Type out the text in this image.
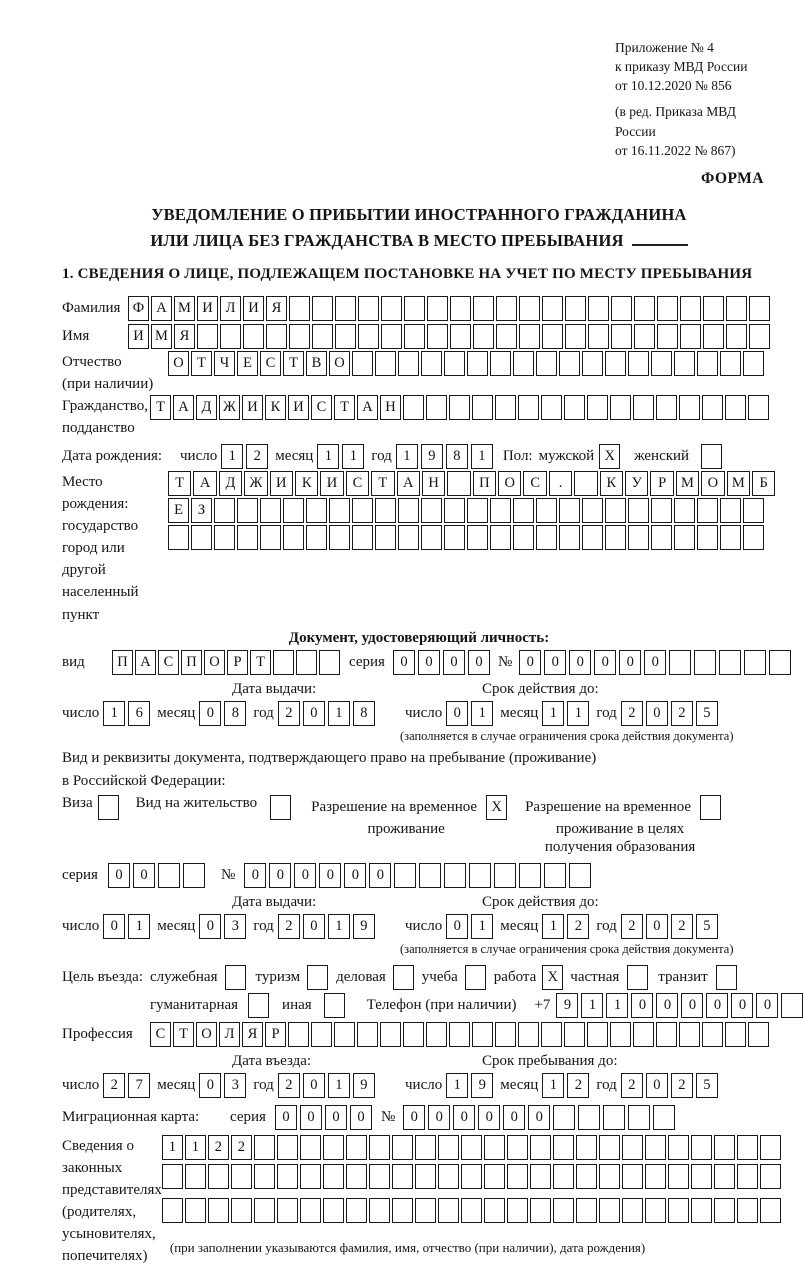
Приложение № 4
к приказу МВД России
от 10.12.2020 № 856
(в ред. Приказа МВД России
от 16.11.2022 № 867)
ФОРМА
УВЕДОМЛЕНИЕ О ПРИБЫТИИ ИНОСТРАННОГО ГРАЖДАНИНА
ИЛИ ЛИЦА БЕЗ ГРАЖДАНСТВА В МЕСТО ПРЕБЫВАНИЯ
1. СВЕДЕНИЯ О ЛИЦЕ, ПОДЛЕЖАЩЕМ ПОСТАНОВКЕ НА УЧЕТ ПО МЕСТУ ПРЕБЫВАНИЯ
Фамилия Ф А М И Л И Я
Имя	И М Я
Отчество
(при наличии)
О Т Ч Е С Т В О
Гражданство,
подданство
Т А Д Ж И К И С Т А Н
Дата рождения:	число 1	2 месяц 1	1 год 1	9	8	1	Пол: мужской X	женский
Место рождения:
государство
город или другой
населенный пункт
Т	А	Д Ж И	К	И	С	Т	А	Н	П	О	С	.	К	У	Р	М О М	Б

Е	З

Документ, удостоверяющий личность:
вид	П А С П О Р	Т	серия	0	0	0	0	№ 0	0	0	0	0	0
Дата выдачи:	Срок действия до:
число 1	6 месяц 0	8 год 2	0	1	8	число 0	1 месяц 1	1 год 2	0	2	5
(заполняется в случае ограничения срока действия документа)
Вид и реквизиты документа, подтверждающего право на пребывание (проживание)
в Российской Федерации:
Виза	Вид на жительство	Разрешение на временное X
проживание
Разрешение на временное
проживание в целях
получения образования
серия	0	0	№	0	0	0	0	0	0
Дата выдачи:	Срок действия до:
число 0	1 месяц 0	3 год 2	0	1	9	число 0	1 месяц 1	2 год 2	0	2	5
(заполняется в случае ограничения срока действия документа)
Цель въезда: служебная	туризм деловая учеба работа X частная	транзит
гуманитарная	иная	Телефон (при наличии) +7 9	1	1	0	0	0	0	0	0
Профессия	С Т О Л Я Р
Дата въезда:	Срок пребывания до:
число 2	7 месяц 0	3 год 2	0	1	9	число 1	9 месяц 1	2 год 2	0	2	5
Миграционная карта:	серия	0	0	0	0	№	0	0	0	0	0	0
Сведения о
законных
представителях
(родителях,
усыновителях,
попечителях)
1	1	2	2

(при заполнении указываются фамилия, имя, отчество (при наличии), дата рождения)
